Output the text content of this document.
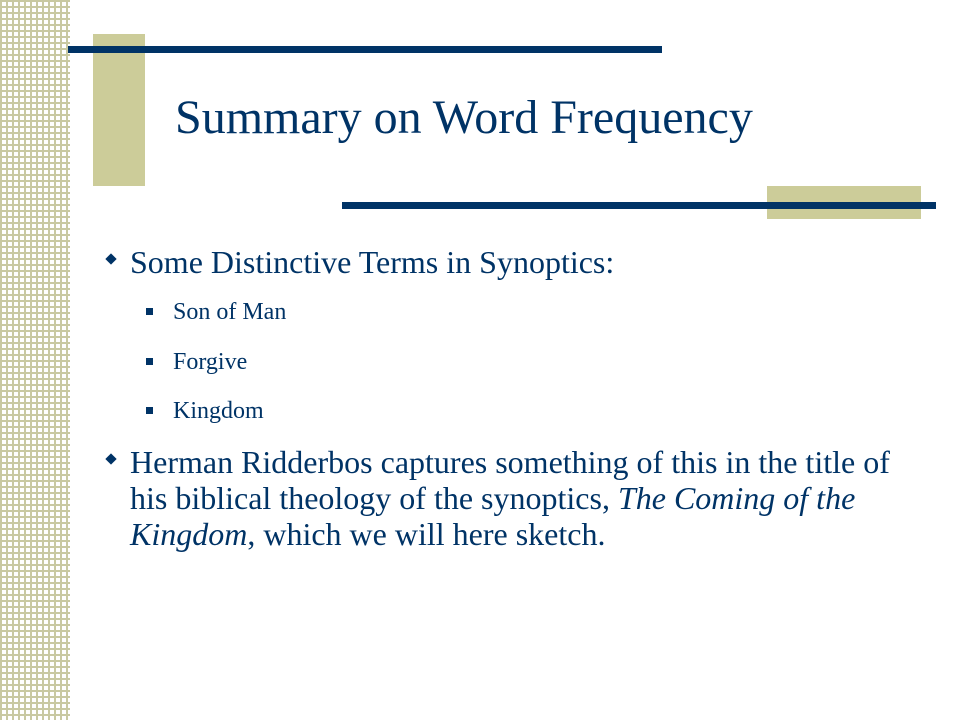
Summary on Word Frequency
Some Distinctive Terms in Synoptics:
Son of Man
Forgive
Kingdom
Herman Ridderbos captures something of this in the title of his biblical theology of the synoptics, The Coming of the Kingdom, which we will here sketch.
